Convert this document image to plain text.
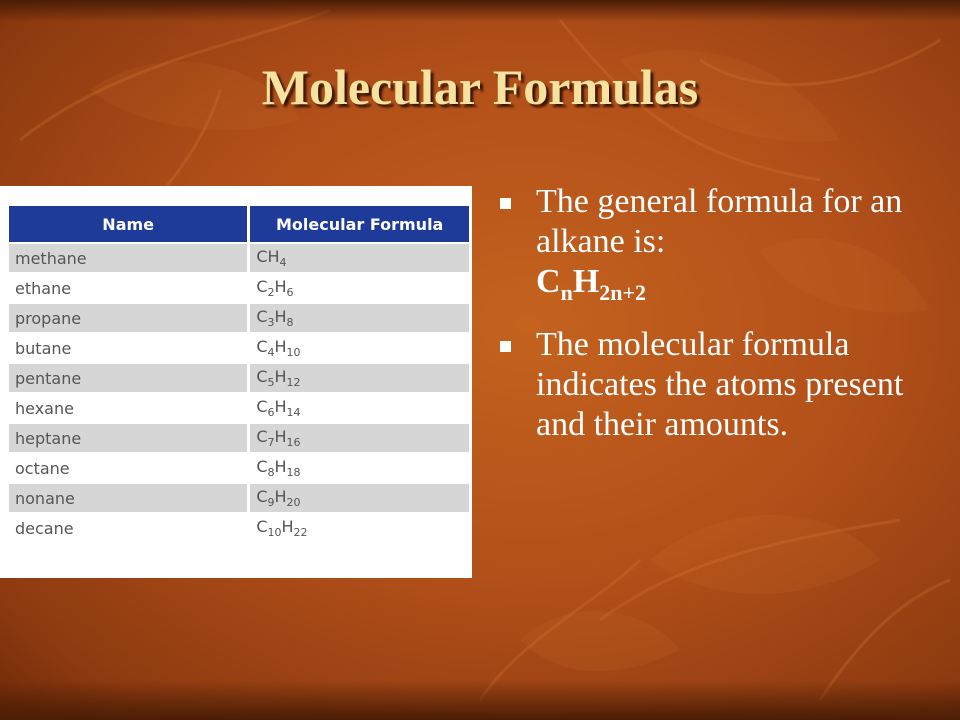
Molecular Formulas
Name	Molecular Formula
methane	$CH_4$
ethane	$C_2H_6$
propane	$C_3H_8$
butane	$C_4H_{10}$
pentane	$C_5H_{12}$
hexane	$C_6H_{14}$
heptane	$C_7H_{16}$
octane	$C_8H_{18}$
nonane	$C_9H_{20}$
decane	$C_{10}H_{22}$
The general formula for an alkane is:
$C_nH_{2n+2}$
The molecular formula indicates the atoms present and their amounts.
